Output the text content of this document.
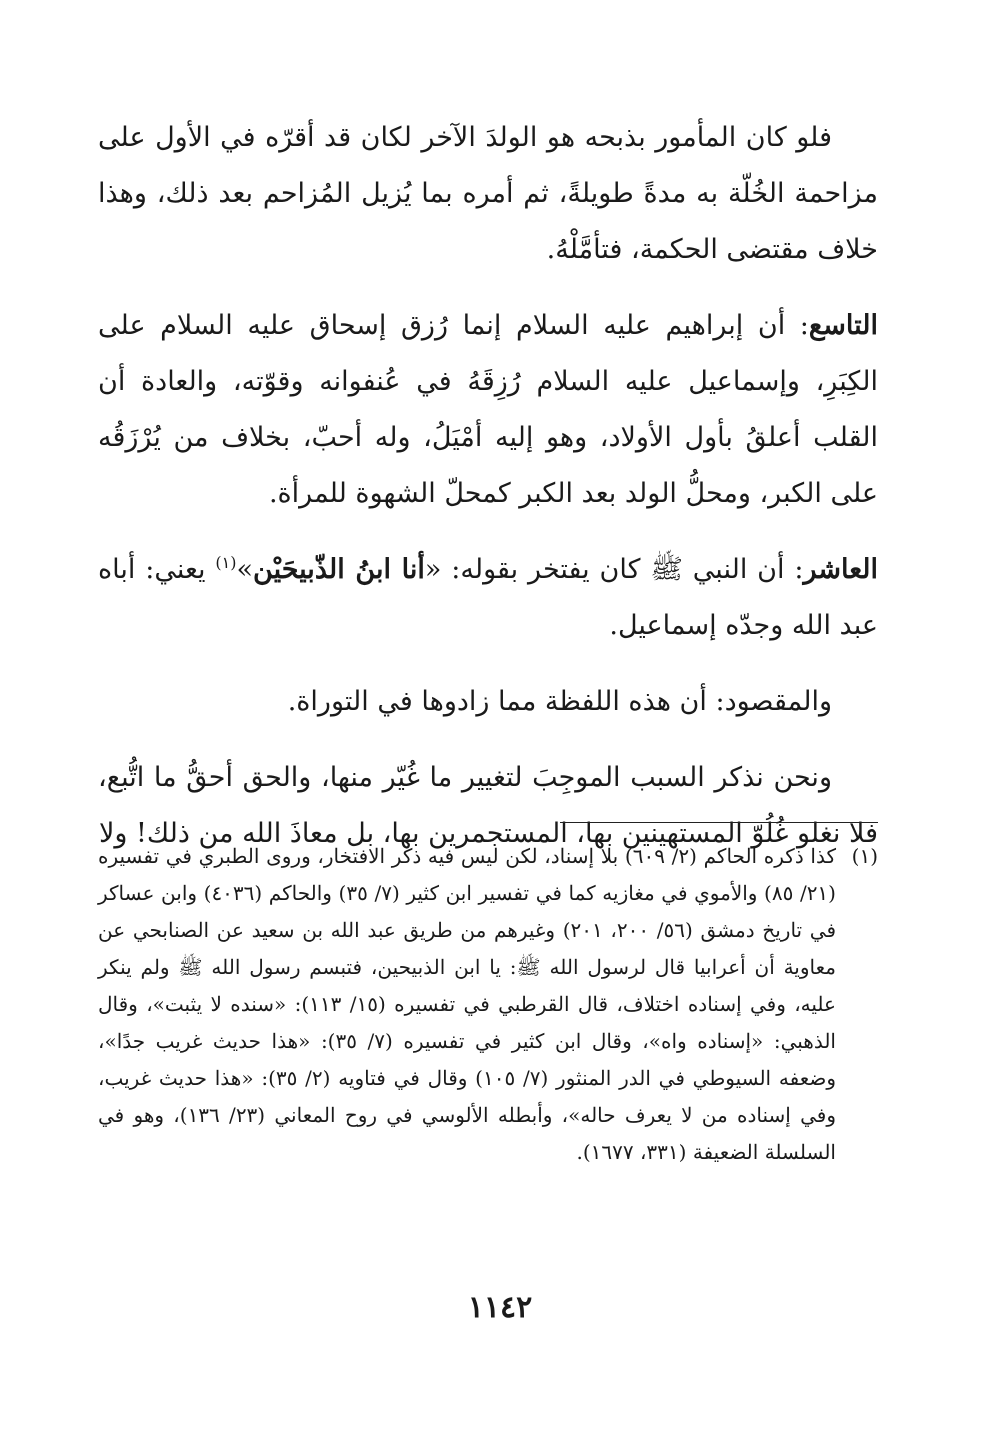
فلو كان المأمور بذبحه هو الولدَ الآخر لكان قد أقرّه في الأول على مزاحمة الخُلّة به مدةً طويلةً، ثم أمره بما يُزيل المُزاحم بعد ذلك، وهذا خلاف مقتضى الحكمة، فتأمَّلْهُ.

التاسع: أن إبراهيم عليه السلام إنما رُزق إسحاق عليه السلام على الكِبَرِ، وإسماعيل عليه السلام رُزِقَهُ في عُنفوانه وقوّته، والعادة أن القلب أعلقُ بأول الأولاد، وهو إليه أمْيَلُ، وله أحبّ، بخلاف من يُرْزَقُه على الكبر، ومحلُّ الولد بعد الكبر كمحلّ الشهوة للمرأة.

العاشر: أن النبي ﷺ كان يفتخر بقوله: «أنا ابنُ الذّبيحَيْن»$^{(١)}$ يعني: أباه عبد الله وجدّه إسماعيل.

والمقصود: أن هذه اللفظة مما زادوها في التوراة.

ونحن نذكر السبب الموجِبَ لتغيير ما غُيّر منها، والحق أحقُّ ما اتُّبع، فلا نغلو غُلُوّ المستهينين بها، المستجمرين بها، بل معاذَ الله من ذلك! ولا

(١)
كذا ذكره الحاكم (٢/ ٦٠٩) بلا إسناد، لكن ليس فيه ذكر الافتخار، وروى الطبري في تفسيره (٢١/ ٨٥) والأموي في مغازيه كما في تفسير ابن كثير (٧/ ٣٥) والحاكم (٤٠٣٦) وابن عساكر في تاريخ دمشق (٥٦/ ٢٠٠، ٢٠١) وغيرهم من طريق عبد الله بن سعيد عن الصنابحي عن معاوية أن أعرابيا قال لرسول الله ﷺ: يا ابن الذبيحين، فتبسم رسول الله ﷺ ولم ينكر عليه، وفي إسناده اختلاف، قال القرطبي في تفسيره (١٥/ ١١٣): «سنده لا يثبت»، وقال الذهبي: «إسناده واه»، وقال ابن كثير في تفسيره (٧/ ٣٥): «هذا حديث غريب جدًا»، وضعفه السيوطي في الدر المنثور (٧/ ١٠٥) وقال في فتاويه (٢/ ٣٥): «هذا حديث غريب، وفي إسناده من لا يعرف حاله»، وأبطله الألوسي في روح المعاني (٢٣/ ١٣٦)، وهو في السلسلة الضعيفة (٣٣١، ١٦٧٧).
١١٤٢
